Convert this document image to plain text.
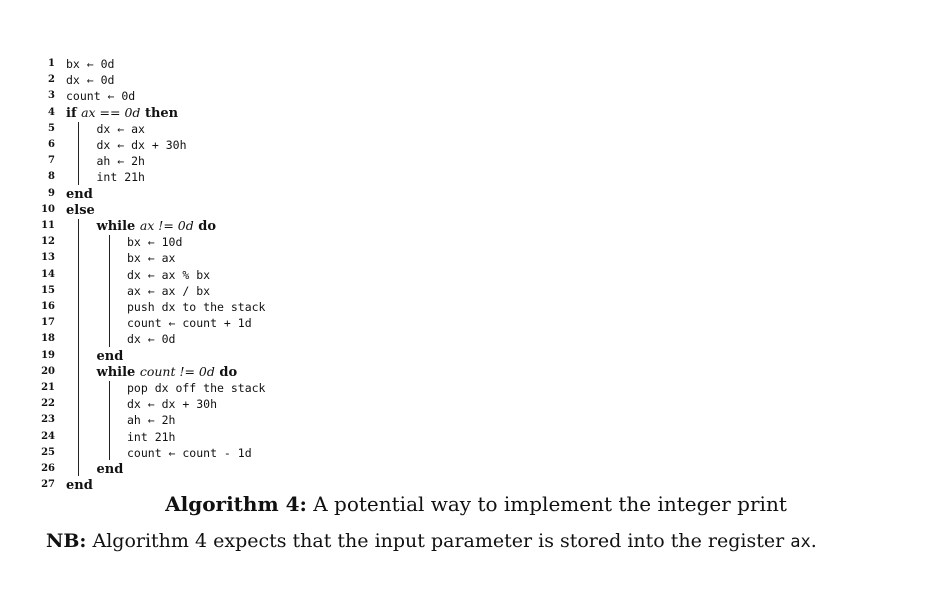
1 bx ← 0d
2 dx ← 0d
3 count ← 0d
4 if ax == 0d then
5	dx ← ax
6	dx ← dx + 30h
7	ah ← 2h
8	int 21h
9 end
10 else
11	while ax != 0d do
12	bx ← 10d
13	bx ← ax
14	dx ← ax % bx
15	ax ← ax / bx
16	push dx to the stack
17	count ← count + 1d
18	dx ← 0d
19	end
20	while count != 0d do
21	pop dx off the stack
22	dx ← dx + 30h
23	ah ← 2h
24	int 21h
25	count ← count - 1d
26	end
27 end
Algorithm 4: A potential way to implement the integer print
NB: Algorithm 4 expects that the input parameter is stored into the register ax.
